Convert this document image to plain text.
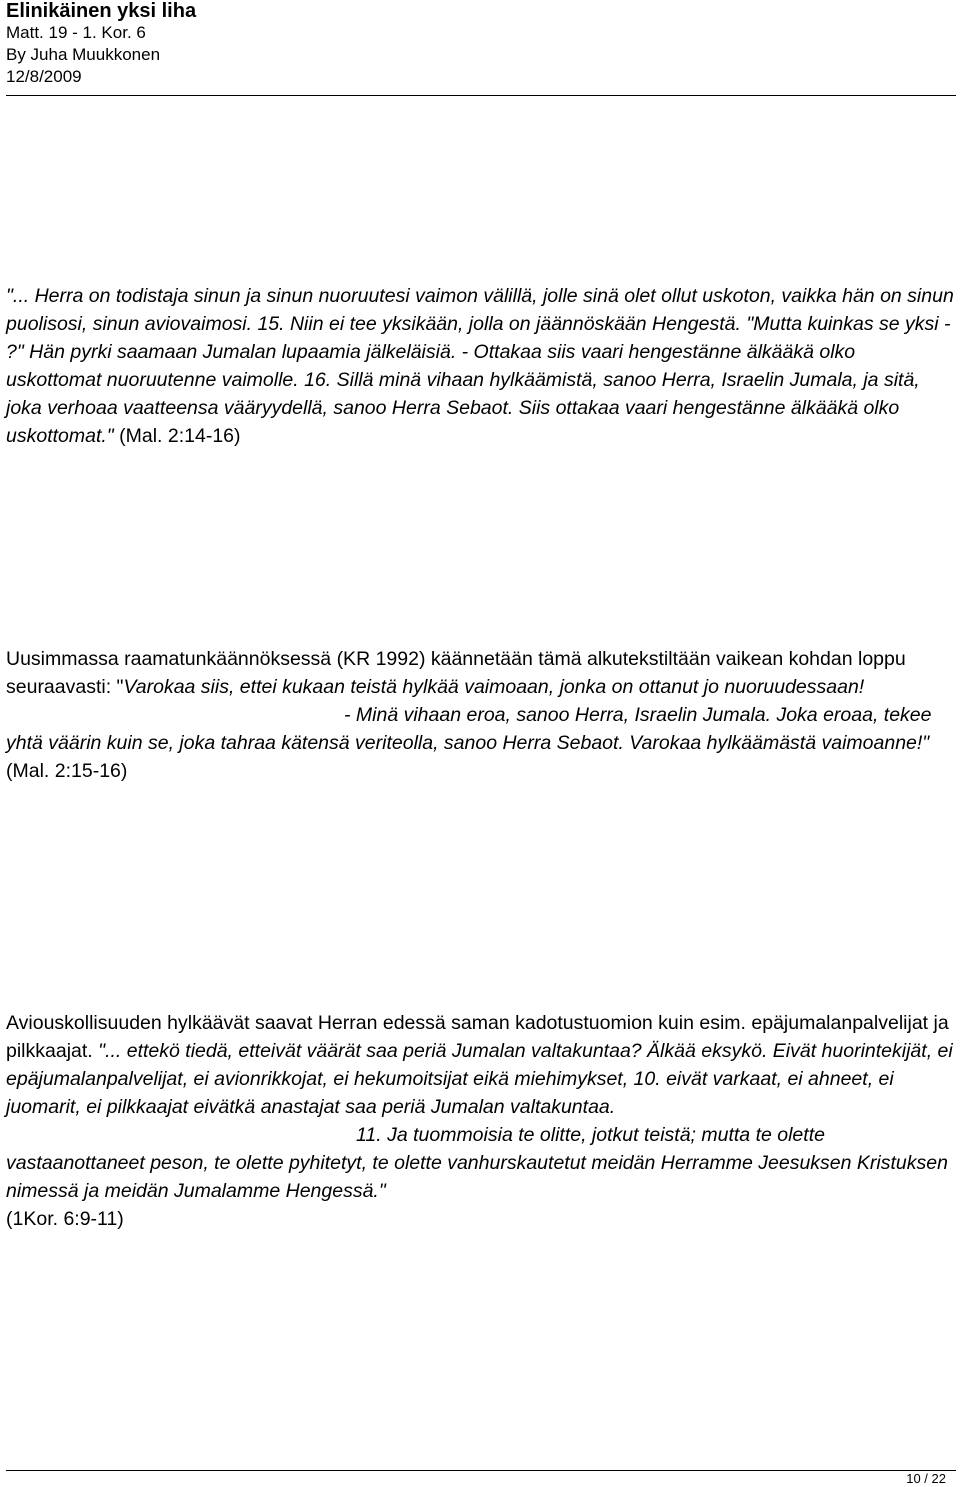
Elinikäinen yksi liha
Matt. 19 - 1. Kor. 6
By Juha Muukkonen
12/8/2009

"... Herra on todistaja sinun ja sinun nuoruutesi vaimon välillä, jolle sinä olet ollut uskoton, vaikka hän on sinun puolisosi, sinun aviovaimosi. 15. Niin ei tee yksikään, jolla on jäännöskään Hengestä. "Mutta kuinkas se yksi - ?" Hän pyrki saamaan Jumalan lupaamia jälkeläisiä. - Ottakaa siis vaari hengestänne älkääkä olko uskottomat nuoruutenne vaimolle. 16. Sillä minä vihaan hylkäämistä, sanoo Herra, Israelin Jumala, ja sitä, joka verhoaa vaatteensa vääryydellä, sanoo Herra Sebaot. Siis ottakaa vaari hengestänne älkääkä olko uskottomat." (Mal. 2:14-16)

Uusimmassa raamatunkäännöksessä (KR 1992) käännetään tämä alkutekstiltään vaikean kohdan loppu seuraavasti: "Varokaa siis, ettei kukaan teistä hylkää vaimoaan, jonka on ottanut jo nuoruudessaan!- Minä vihaan eroa, sanoo Herra, Israelin Jumala. Joka eroaa, tekee yhtä väärin kuin se, joka tahraa kätensä veriteolla, sanoo Herra Sebaot. Varokaa hylkäämästä vaimoanne!"
(Mal. 2:15-16)

Aviouskollisuuden hylkäävät saavat Herran edessä saman kadotustuomion kuin esim. epäjumalanpalvelijat ja pilkkaajat. "... ettekö tiedä, etteivät väärät saa periä Jumalan valtakuntaa? Älkää eksykö. Eivät huorintekijät, ei epäjumalanpalvelijat, ei avionrikkojat, ei hekumoitsijat eikä miehimykset, 10. eivät varkaat, ei ahneet, ei juomarit, ei pilkkaajat eivätkä anastajat saa periä Jumalan valtakuntaa.11. Ja tuommoisia te olitte, jotkut teistä; mutta te olette vastaanottaneet peson, te olette pyhitetyt, te olette vanhurskautetut meidän Herramme Jeesuksen Kristuksen nimessä ja meidän Jumalamme Hengessä."
(1Kor. 6:9-11)

10 / 22
